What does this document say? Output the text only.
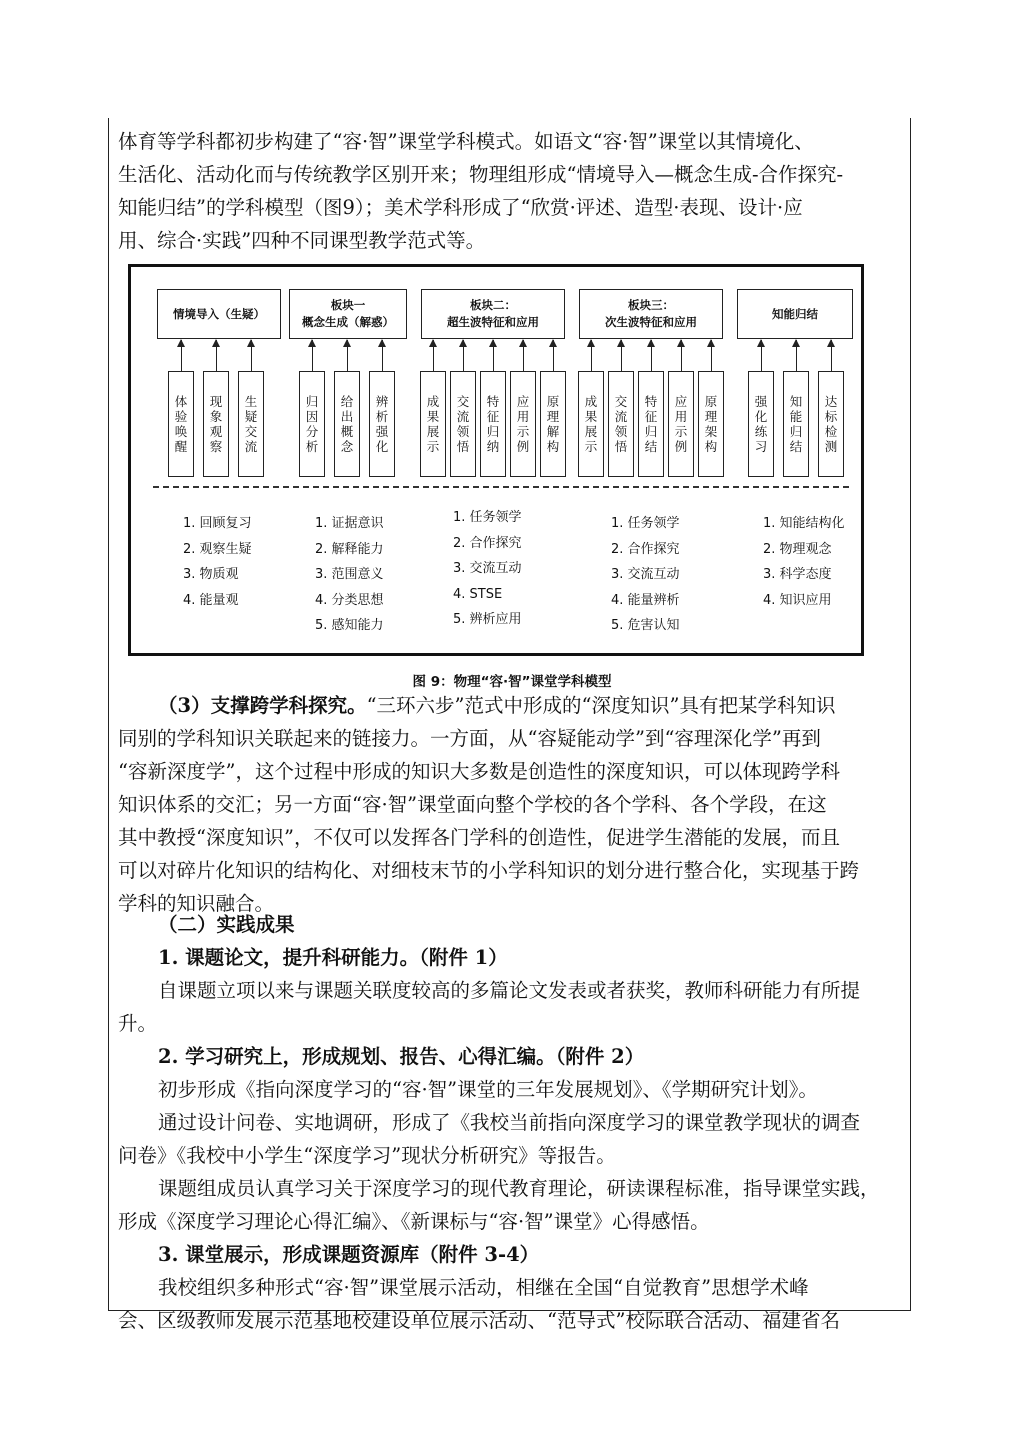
体育等学科都初步构建了“容·智”课堂学科模式。如语文“容·智”课堂以其情境化、
生活化、活动化而与传统教学区别开来；物理组形成“情境导入—概念生成-合作探究-
知能归结”的学科模型（图9）；美术学科形成了“欣赏·评述、造型·表现、设计·应
用、综合·实践”四种不同课型教学范式等。

情境导入（生疑）
板块一
概念生成（解惑）
板块二：
超生波特征和应用
板块三：
次生波特征和应用
知能归结
体验唤醒
现象观察
生疑交流
归因分析
给出概念
辨析强化
成果展示
交流领悟
特征归纳
应用示例
原理解构
成果展示
交流领悟
特征归结
应用示例
原理架构
强化练习
知能归结
达标检测
1. 回顾复习
2. 观察生疑
3. 物质观
4. 能量观
1. 证据意识
2. 解释能力
3. 范围意义
4. 分类思想
5. 感知能力
1. 任务领学
2. 合作探究
3. 交流互动
4. STSE
5. 辨析应用
1. 任务领学
2. 合作探究
3. 交流互动
4. 能量辨析
5. 危害认知
1. 知能结构化
2. 物理观念
3. 科学态度
4. 知识应用
图 9：物理“容·智”课堂学科模型

（3）支撑跨学科探究。“三环六步”范式中形成的“深度知识”具有把某学科知识
同别的学科知识关联起来的链接力。一方面，从“容疑能动学”到“容理深化学”再到
“容新深度学”，这个过程中形成的知识大多数是创造性的深度知识，可以体现跨学科
知识体系的交汇；另一方面“容·智”课堂面向整个学校的各个学科、各个学段，在这
其中教授“深度知识”，不仅可以发挥各门学科的创造性，促进学生潜能的发展，而且
可以对碎片化知识的结构化、对细枝末节的小学科知识的划分进行整合化，实现基于跨
学科的知识融合。

（二）实践成果
1. 课题论文，提升科研能力。（附件 1）
自课题立项以来与课题关联度较高的多篇论文发表或者获奖，教师科研能力有所提
升。
2. 学习研究上，形成规划、报告、心得汇编。（附件 2）
初步形成《指向深度学习的“容·智”课堂的三年发展规划》、《学期研究计划》。
通过设计问卷、实地调研，形成了《我校当前指向深度学习的课堂教学现状的调查
问卷》《我校中小学生“深度学习”现状分析研究》等报告。
课题组成员认真学习关于深度学习的现代教育理论，研读课程标准，指导课堂实践，
形成《深度学习理论心得汇编》、《新课标与“容·智”课堂》心得感悟。
3. 课堂展示，形成课题资源库（附件 3-4）
我校组织多种形式“容·智”课堂展示活动，相继在全国“自觉教育”思想学术峰
会、区级教师发展示范基地校建设单位展示活动、“范导式”校际联合活动、福建省名
